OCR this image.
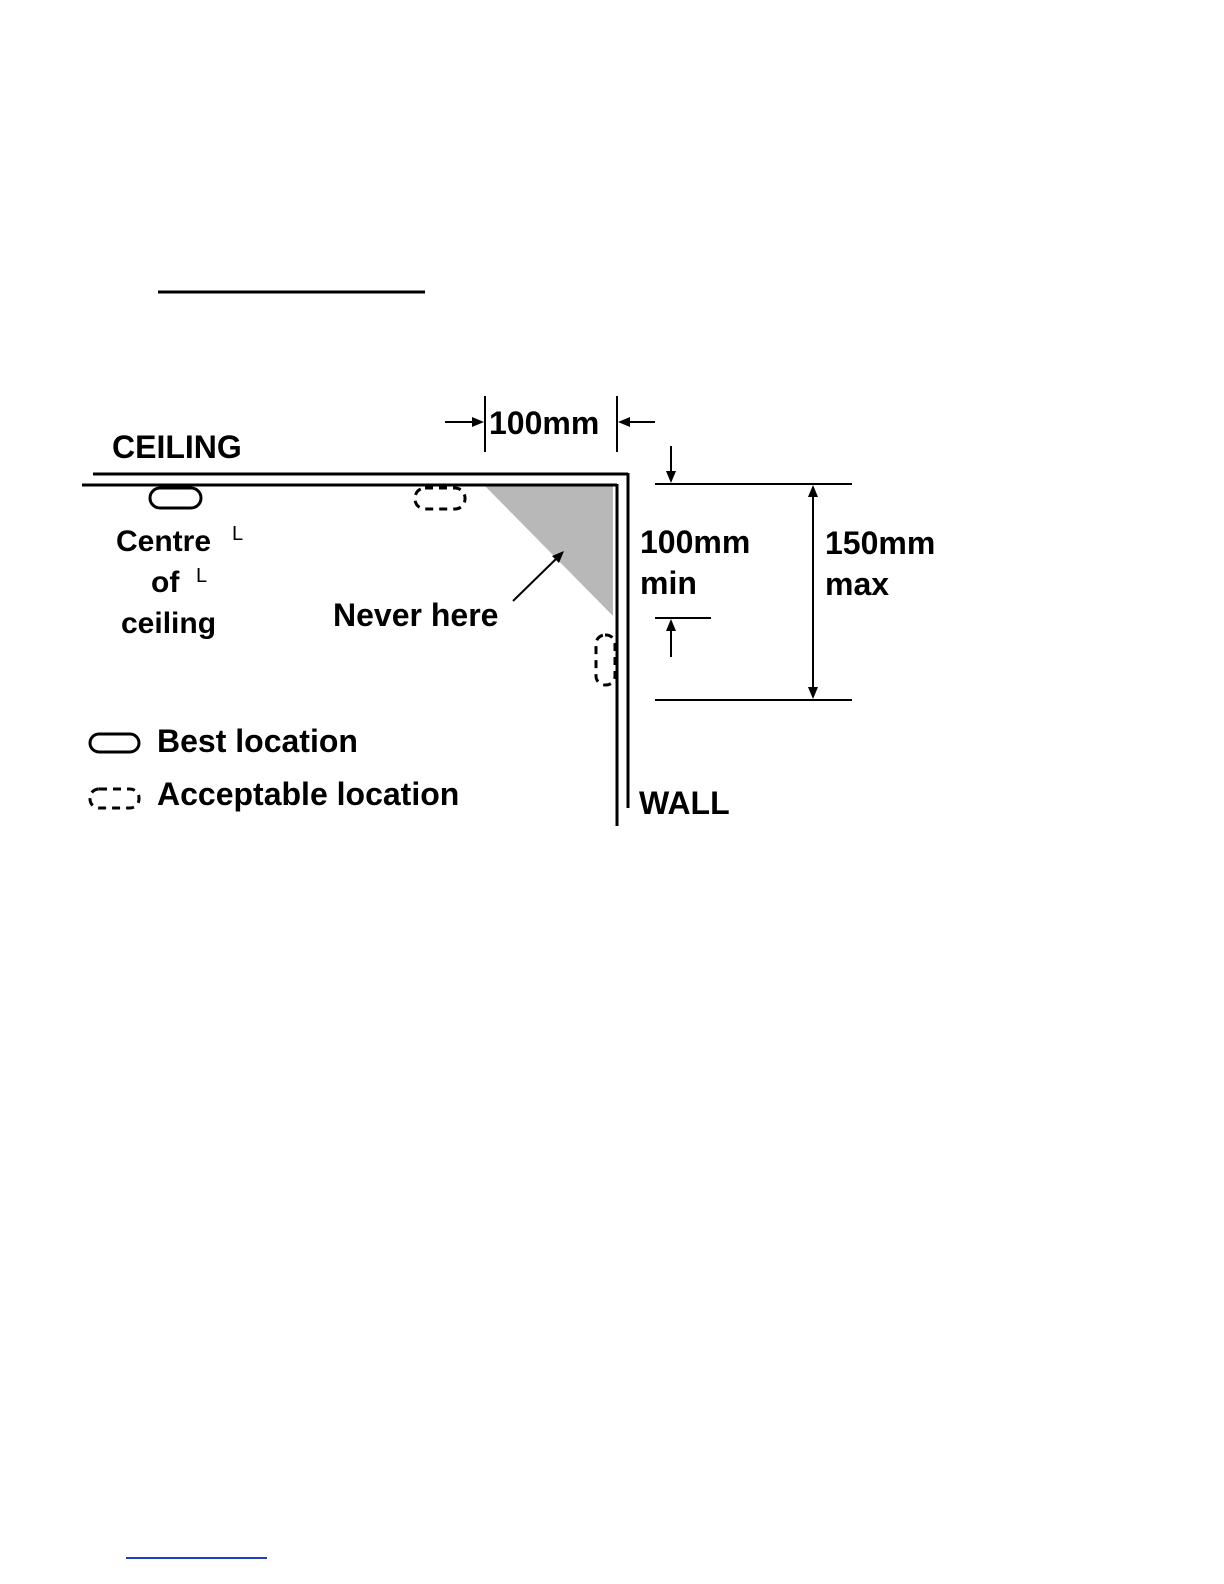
CEILING
100mm
Centre L
of L
ceiling	Never here
100mm
min
150mm
max
WALL
Best location
Acceptable location
